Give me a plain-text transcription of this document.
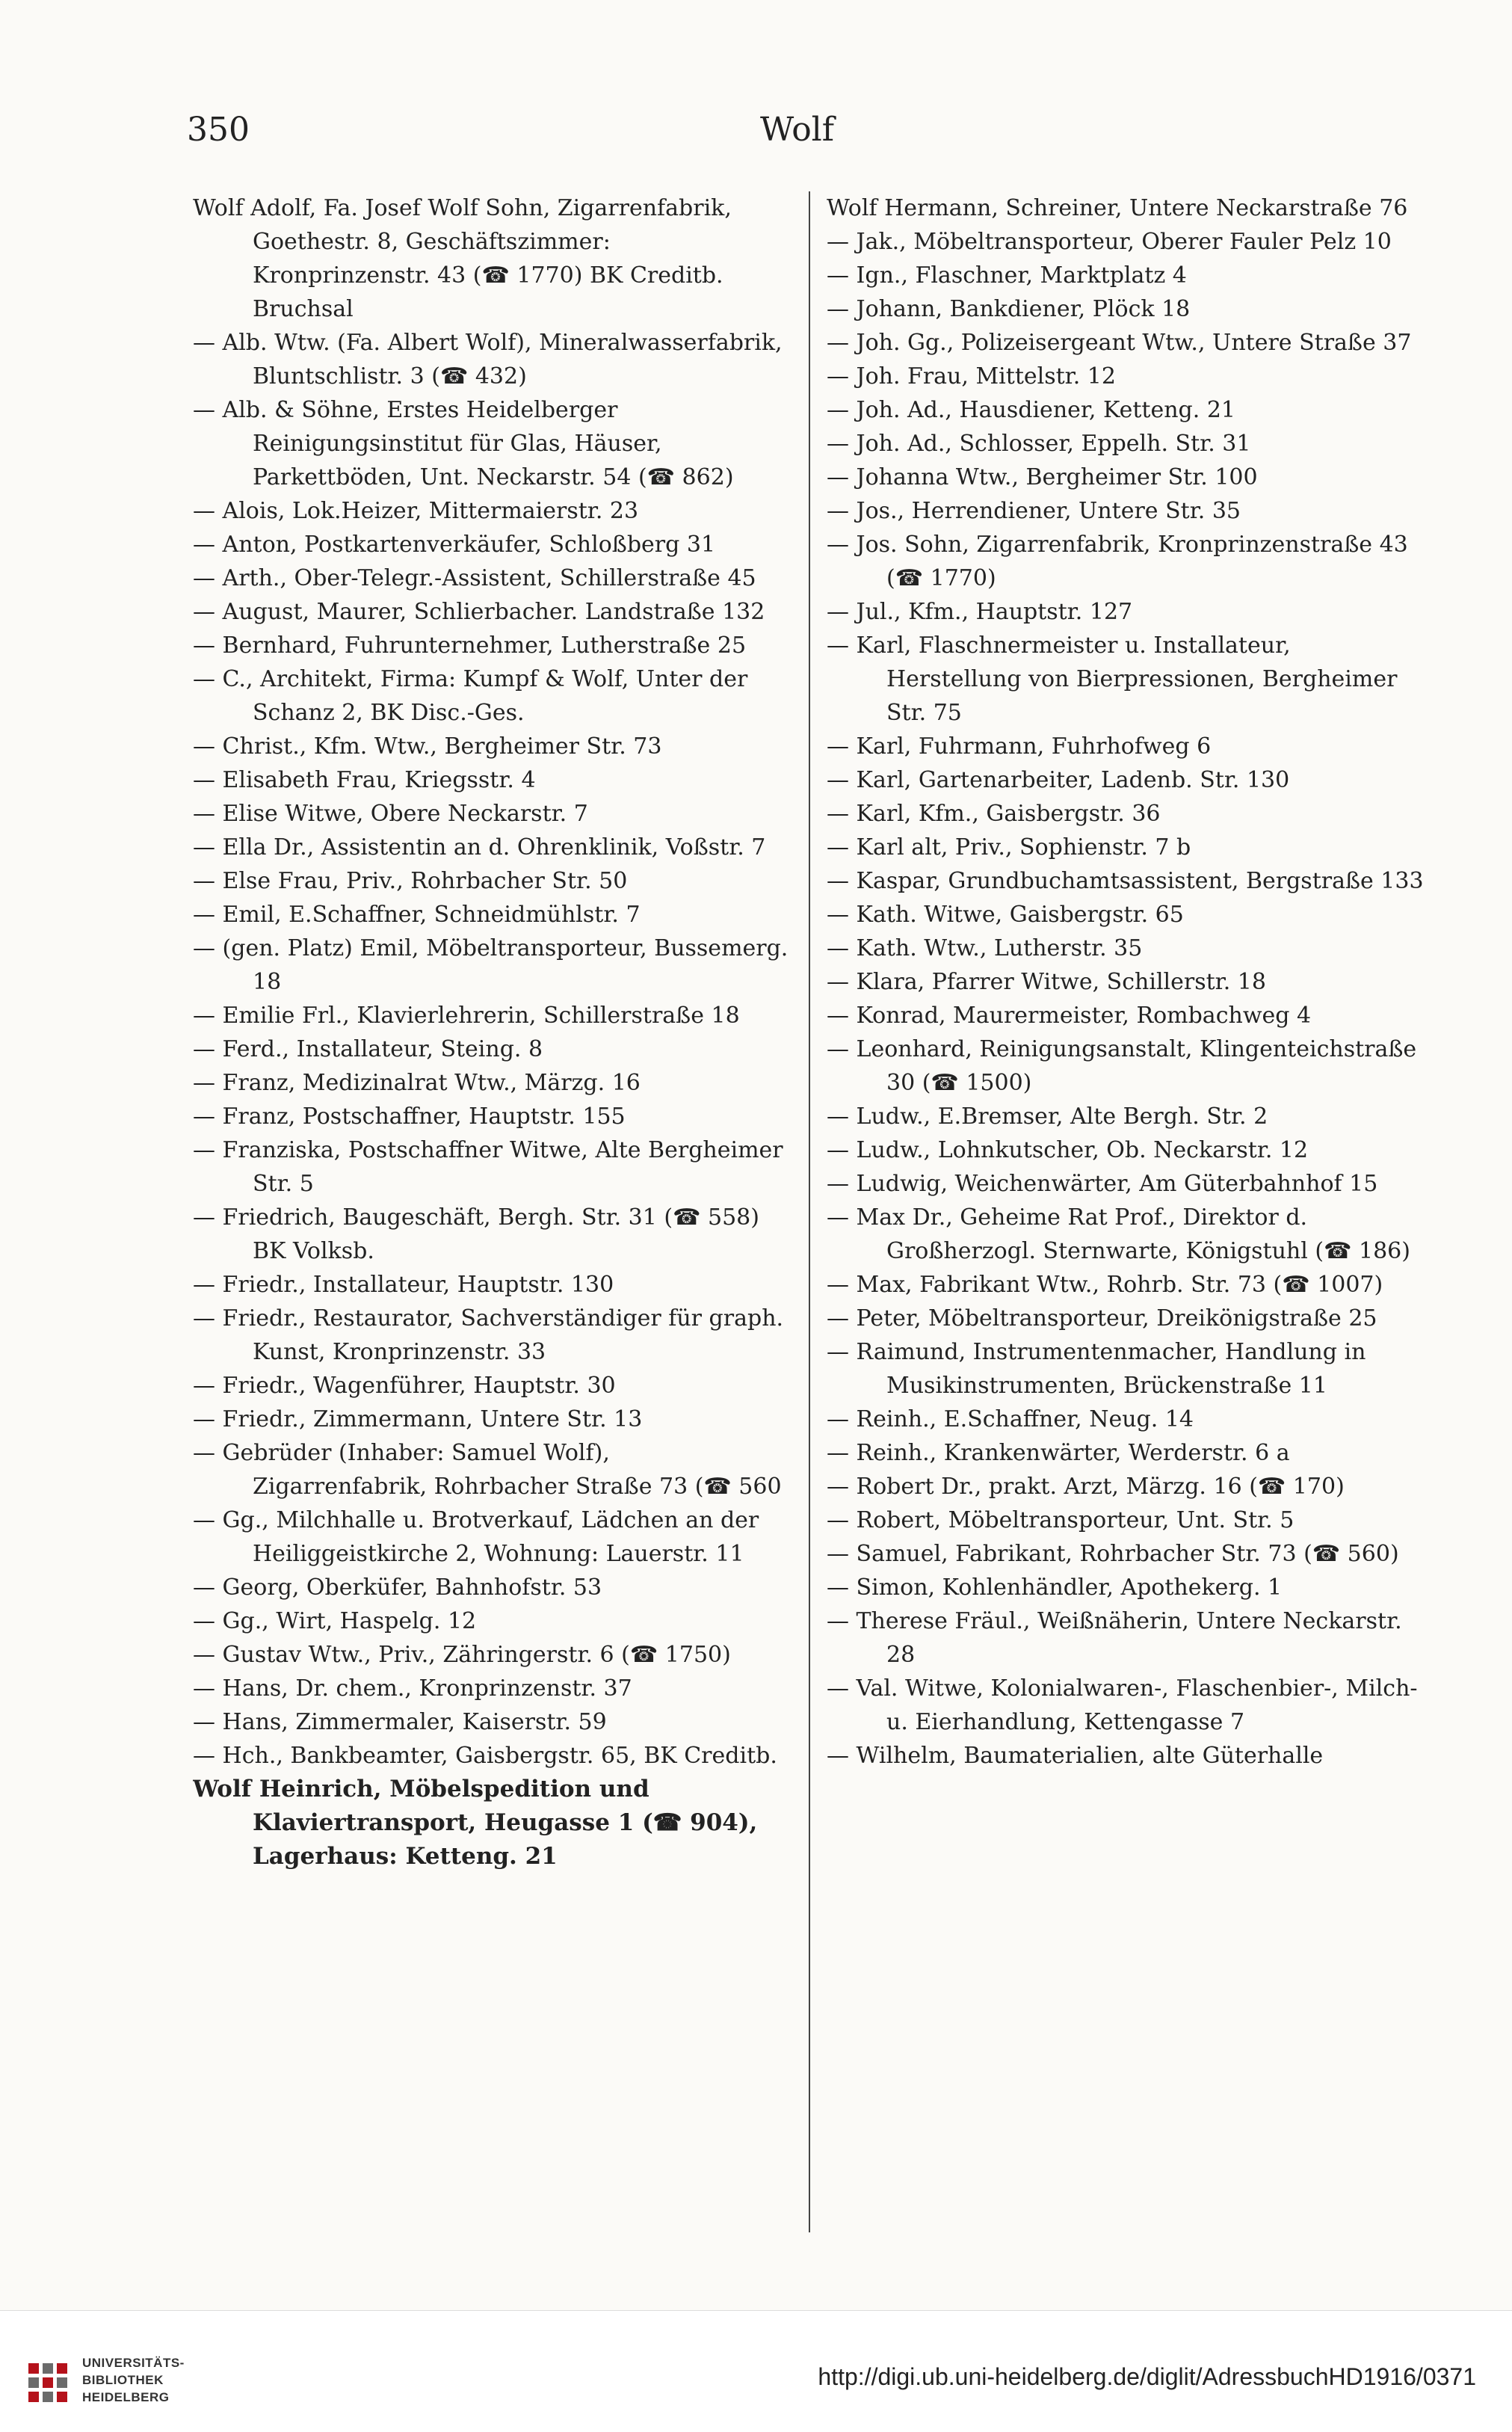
350	Wolf
Wolf Adolf, Fa. Josef Wolf Sohn, Zigarrenfabrik, Goethestr. 8, Geschäftszimmer: Kronprinzenstr. 43 (☎ 1770) BK Creditb. Bruchsal
— Alb. Wtw. (Fa. Albert Wolf), Mineralwasserfabrik, Bluntschlistr. 3 (☎ 432)
— Alb. & Söhne, Erstes Heidelberger Reinigungsinstitut für Glas, Häuser, Parkettböden, Unt. Neckarstr. 54 (☎ 862)
— Alois, Lok.Heizer, Mittermaierstr. 23
— Anton, Postkartenverkäufer, Schloßberg 31
— Arth., Ober-Telegr.-Assistent, Schillerstraße 45
— August, Maurer, Schlierbacher. Landstraße 132
— Bernhard, Fuhrunternehmer, Lutherstraße 25
— C., Architekt, Firma: Kumpf & Wolf, Unter der Schanz 2, BK Disc.-Ges.
— Christ., Kfm. Wtw., Bergheimer Str. 73
— Elisabeth Frau, Kriegsstr. 4
— Elise Witwe, Obere Neckarstr. 7
— Ella Dr., Assistentin an d. Ohrenklinik, Voßstr. 7
— Else Frau, Priv., Rohrbacher Str. 50
— Emil, E.Schaffner, Schneidmühlstr. 7
— (gen. Platz) Emil, Möbeltransporteur, Bussemerg. 18
— Emilie Frl., Klavierlehrerin, Schillerstraße 18
— Ferd., Installateur, Steing. 8
— Franz, Medizinalrat Wtw., Märzg. 16
— Franz, Postschaffner, Hauptstr. 155
— Franziska, Postschaffner Witwe, Alte Bergheimer Str. 5
— Friedrich, Baugeschäft, Bergh. Str. 31 (☎ 558) BK Volksb.
— Friedr., Installateur, Hauptstr. 130
— Friedr., Restaurator, Sachverständiger für graph. Kunst, Kronprinzenstr. 33
— Friedr., Wagenführer, Hauptstr. 30
— Friedr., Zimmermann, Untere Str. 13
— Gebrüder (Inhaber: Samuel Wolf), Zigarrenfabrik, Rohrbacher Straße 73 (☎ 560
— Gg., Milchhalle u. Brotverkauf, Lädchen an der Heiliggeistkirche 2, Wohnung: Lauerstr. 11
— Georg, Oberküfer, Bahnhofstr. 53
— Gg., Wirt, Haspelg. 12
— Gustav Wtw., Priv., Zähringerstr. 6 (☎ 1750)
— Hans, Dr. chem., Kronprinzenstr. 37
— Hans, Zimmermaler, Kaiserstr. 59
— Hch., Bankbeamter, Gaisbergstr. 65, BK Creditb.
Wolf Heinrich, Möbelspedition und Klaviertransport, Heugasse 1 (☎ 904), Lagerhaus: Ketteng. 21
Wolf Hermann, Schreiner, Untere Neckarstraße 76
— Jak., Möbeltransporteur, Oberer Fauler Pelz 10
— Ign., Flaschner, Marktplatz 4
— Johann, Bankdiener, Plöck 18
— Joh. Gg., Polizeisergeant Wtw., Untere Straße 37
— Joh. Frau, Mittelstr. 12
— Joh. Ad., Hausdiener, Ketteng. 21
— Joh. Ad., Schlosser, Eppelh. Str. 31
— Johanna Wtw., Bergheimer Str. 100
— Jos., Herrendiener, Untere Str. 35
— Jos. Sohn, Zigarrenfabrik, Kronprinzenstraße 43 (☎ 1770)
— Jul., Kfm., Hauptstr. 127
— Karl, Flaschnermeister u. Installateur, Herstellung von Bierpressionen, Bergheimer Str. 75
— Karl, Fuhrmann, Fuhrhofweg 6
— Karl, Gartenarbeiter, Ladenb. Str. 130
— Karl, Kfm., Gaisbergstr. 36
— Karl alt, Priv., Sophienstr. 7 b
— Kaspar, Grundbuchamtsassistent, Bergstraße 133
— Kath. Witwe, Gaisbergstr. 65
— Kath. Wtw., Lutherstr. 35
— Klara, Pfarrer Witwe, Schillerstr. 18
— Konrad, Maurermeister, Rombachweg 4
— Leonhard, Reinigungsanstalt, Klingenteichstraße 30 (☎ 1500)
— Ludw., E.Bremser, Alte Bergh. Str. 2
— Ludw., Lohnkutscher, Ob. Neckarstr. 12
— Ludwig, Weichenwärter, Am Güterbahnhof 15
— Max Dr., Geheime Rat Prof., Direktor d. Großherzogl. Sternwarte, Königstuhl (☎ 186)
— Max, Fabrikant Wtw., Rohrb. Str. 73 (☎ 1007)
— Peter, Möbeltransporteur, Dreikönigstraße 25
— Raimund, Instrumentenmacher, Handlung in Musikinstrumenten, Brückenstraße 11
— Reinh., E.Schaffner, Neug. 14
— Reinh., Krankenwärter, Werderstr. 6 a
— Robert Dr., prakt. Arzt, Märzg. 16 (☎ 170)
— Robert, Möbeltransporteur, Unt. Str. 5
— Samuel, Fabrikant, Rohrbacher Str. 73 (☎ 560)
— Simon, Kohlenhändler, Apothekerg. 1
— Therese Fräul., Weißnäherin, Untere Neckarstr. 28
— Val. Witwe, Kolonialwaren-, Flaschenbier-, Milch- u. Eierhandlung, Kettengasse 7
— Wilhelm, Baumaterialien, alte Güterhalle
UNIVERSITÄTS-
BIBLIOTHEK
HEIDELBERG
http://digi.ub.uni-heidelberg.de/diglit/AdressbuchHD1916/0371
